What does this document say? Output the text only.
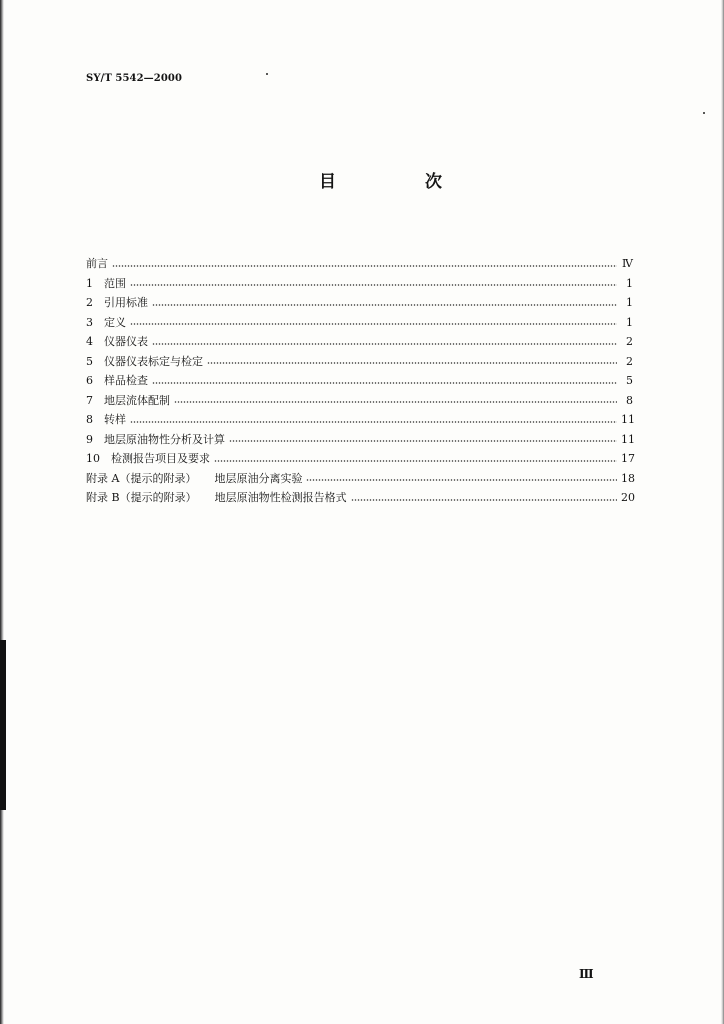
SY/T 5542—2000
目　次
前言	Ⅳ
1	范围	1
2	引用标准	1
3	定义	1
4	仪器仪表	2
5	仪器仪表标定与检定	2
6	样品检查	5
7	地层流体配制	8
8	转样	11
9	地层原油物性分析及计算	11
10	检测报告项目及要求	17
附录 A（提示的附录） 地层原油分离实验	18
附录 B（提示的附录） 地层原油物性检测报告格式	20
Ⅲ
